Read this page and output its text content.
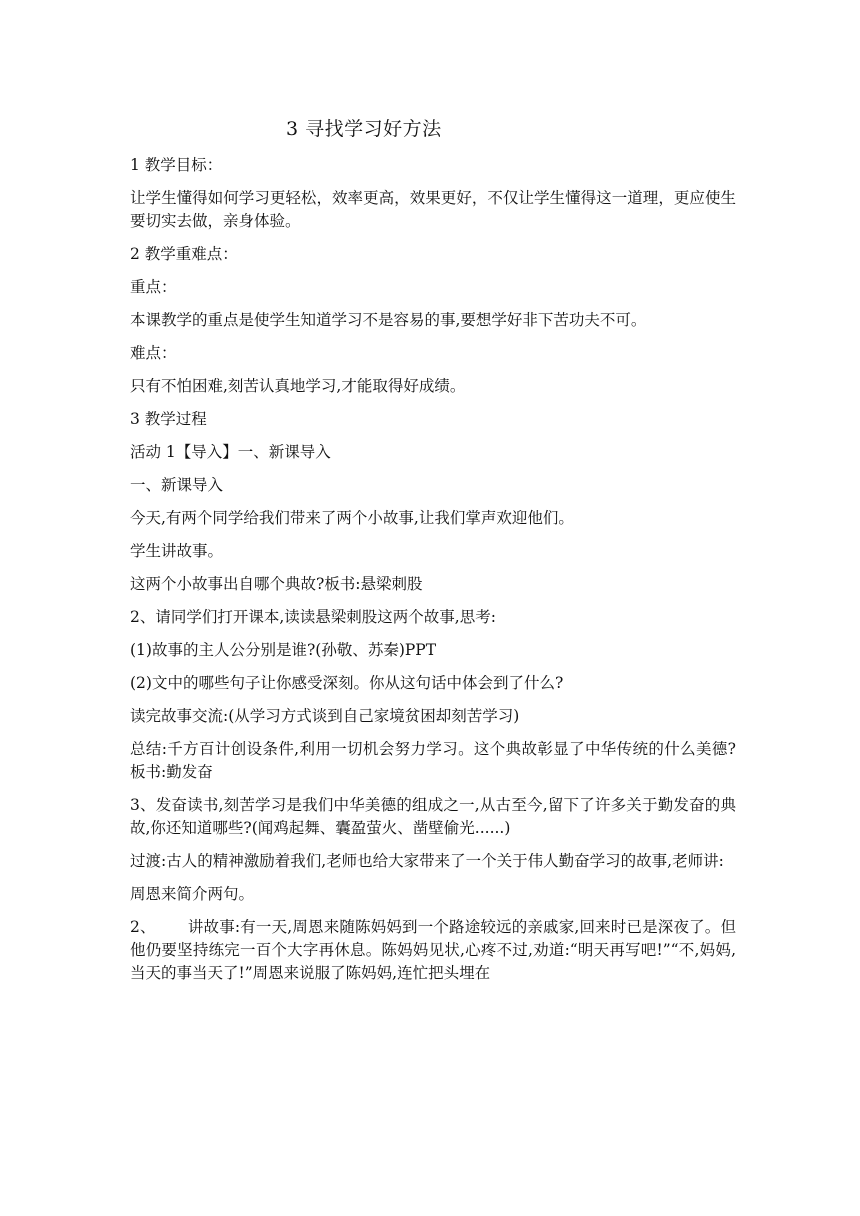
3 寻找学习好方法

1 教学目标：

让学生懂得如何学习更轻松，效率更高，效果更好，不仅让学生懂得这一道理，更应使生要切实去做，亲身体验。

2 教学重难点：

重点：

本课教学的重点是使学生知道学习不是容易的事,要想学好非下苦功夫不可。

难点：

只有不怕困难,刻苦认真地学习,才能取得好成绩。

3 教学过程

活动 1【导入】一、新课导入

一、新课导入

今天,有两个同学给我们带来了两个小故事,让我们掌声欢迎他们。

学生讲故事。

这两个小故事出自哪个典故?板书:悬梁刺股

2、请同学们打开课本,读读悬梁刺股这两个故事,思考:

(1)故事的主人公分别是谁?(孙敬、苏秦)PPT

(2)文中的哪些句子让你感受深刻。你从这句话中体会到了什么?

读完故事交流:(从学习方式谈到自己家境贫困却刻苦学习)

总结:千方百计创设条件,利用一切机会努力学习。这个典故彰显了中华传统的什么美德?板书:勤发奋

3、发奋读书,刻苦学习是我们中华美德的组成之一,从古至今,留下了许多关于勤发奋的典故,你还知道哪些?(闻鸡起舞、囊盈萤火、凿壁偷光......)

过渡:古人的精神激励着我们,老师也给大家带来了一个关于伟人勤奋学习的故事,老师讲:

周恩来简介两句。

2、 讲故事:有一天,周恩来随陈妈妈到一个路途较远的亲戚家,回来时已是深夜了。但他仍要坚持练完一百个大字再休息。陈妈妈见状,心疼不过,劝道:“明天再写吧!”“不,妈妈,当天的事当天了!”周恩来说服了陈妈妈,连忙把头埋在
